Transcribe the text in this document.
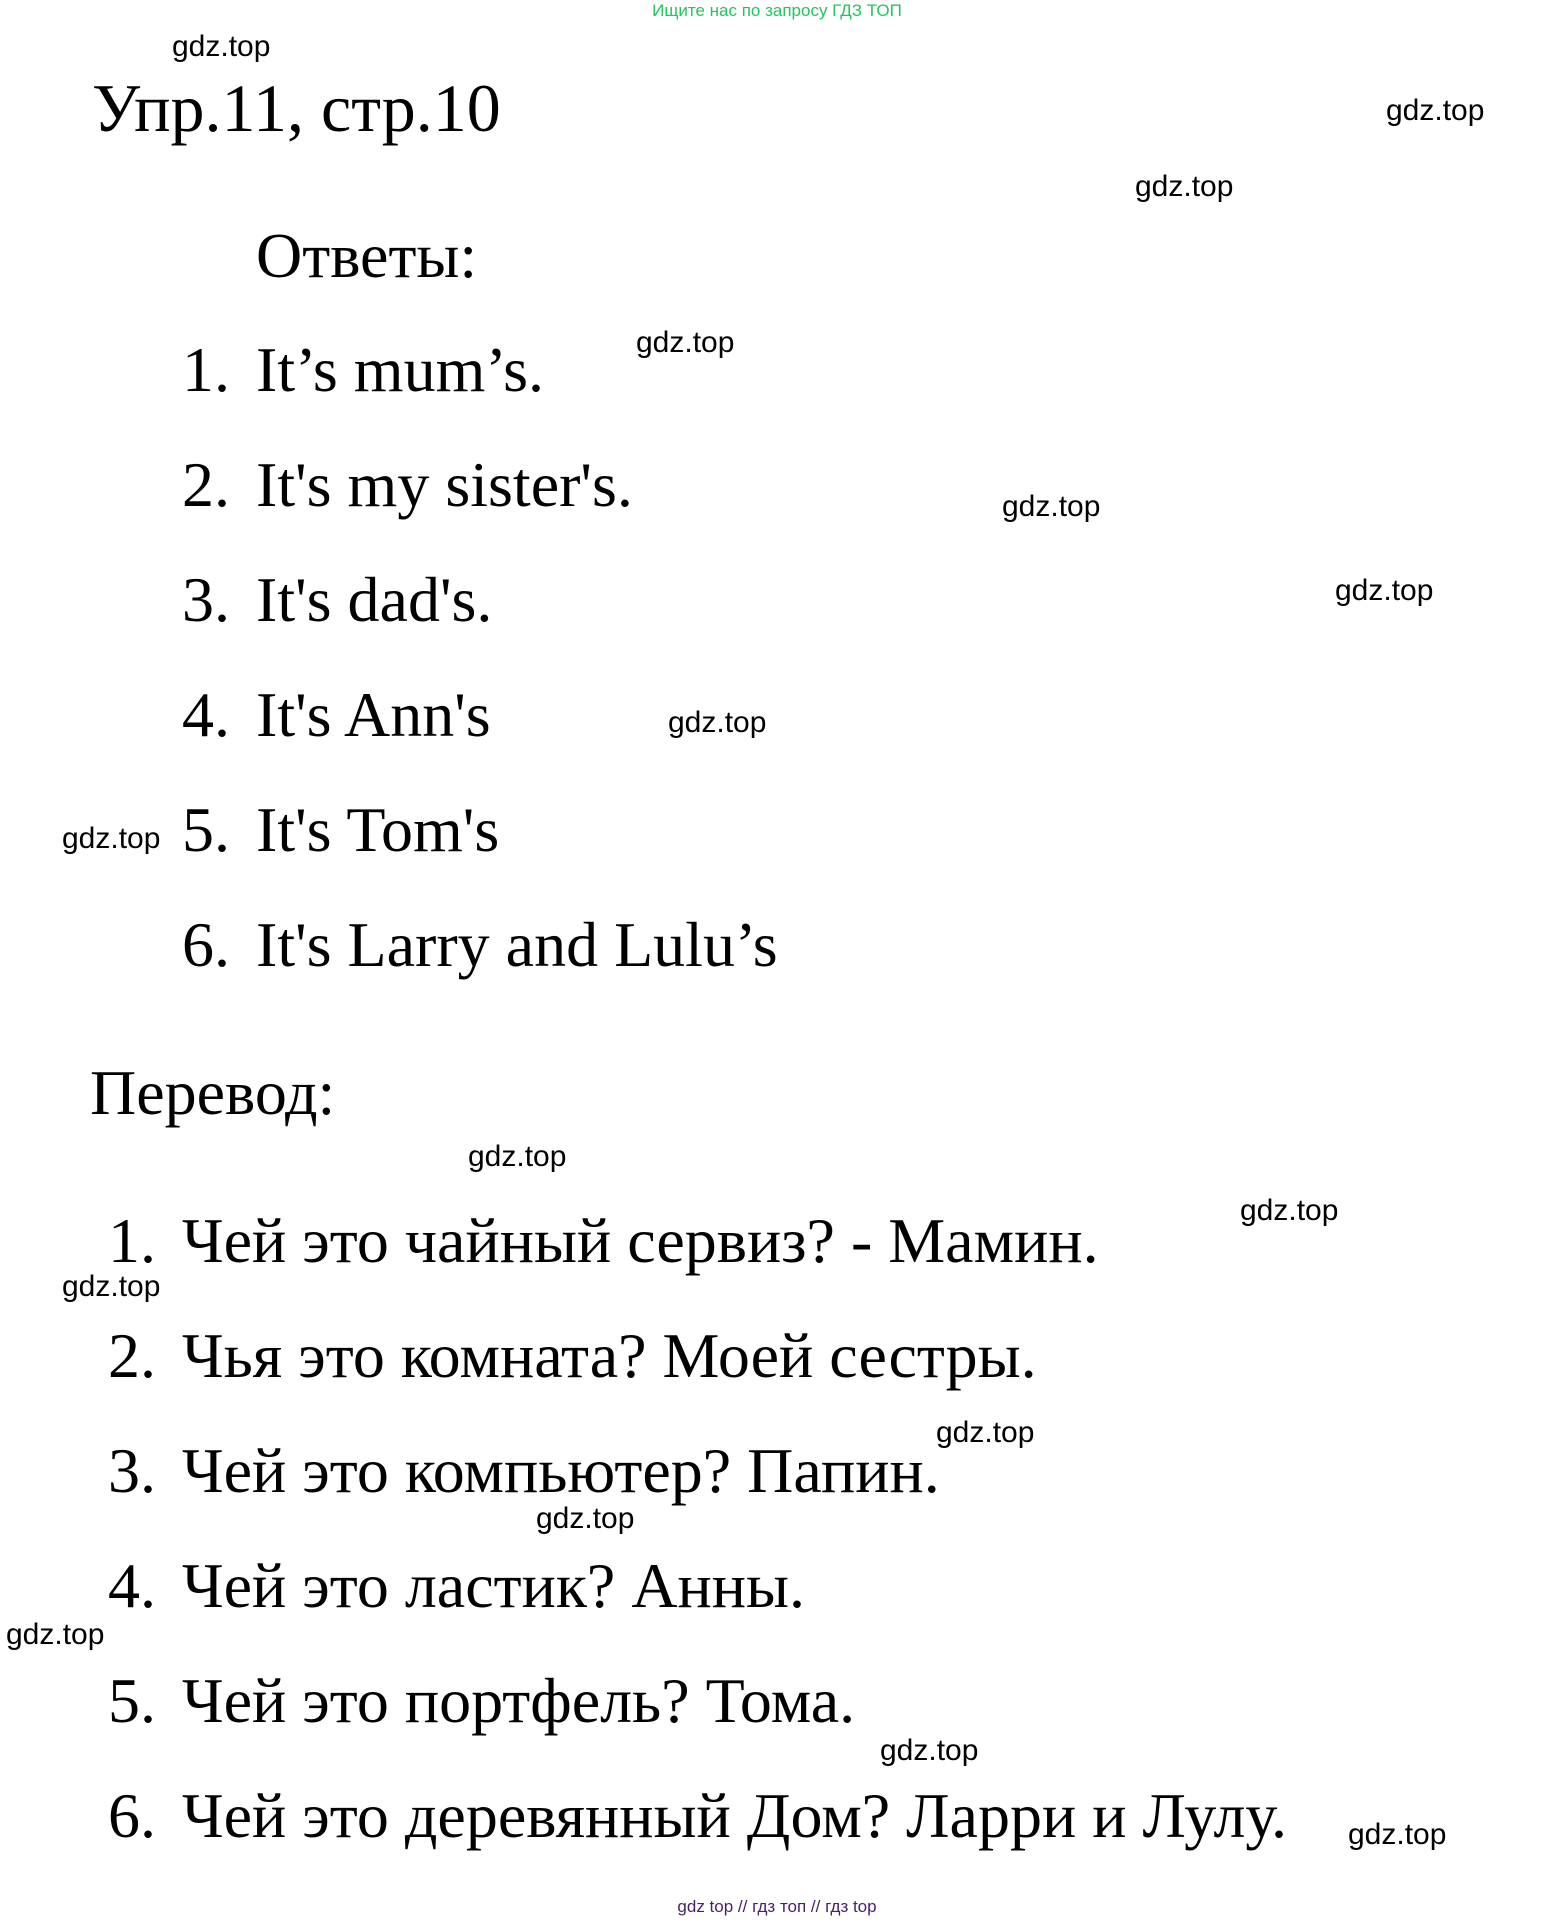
Ищите нас по запросу ГДЗ ТОП
Упр.11, стр.10
Ответы:
1. It’s mum’s.
2. It's my sister's.
3. It's dad's.
4. It's Ann's
5. It's Tom's
6. It's Larry and Lulu’s
Перевод:
1. Чей это чайный сервиз? - Мамин.
2. Чья это комната? Моей сестры.
3. Чей это компьютер? Папин.
4. Чей это ластик? Анны.
5. Чей это портфель? Тома.
6. Чей это деревянный Дом? Ларри и Лулу.
gdz.top
gdz.top
gdz.top
gdz.top
gdz.top
gdz.top
gdz.top
gdz.top
gdz.top
gdz.top
gdz.top
gdz.top
gdz.top
gdz.top
gdz.top
gdz.top
gdz top // гдз топ // гдз top
